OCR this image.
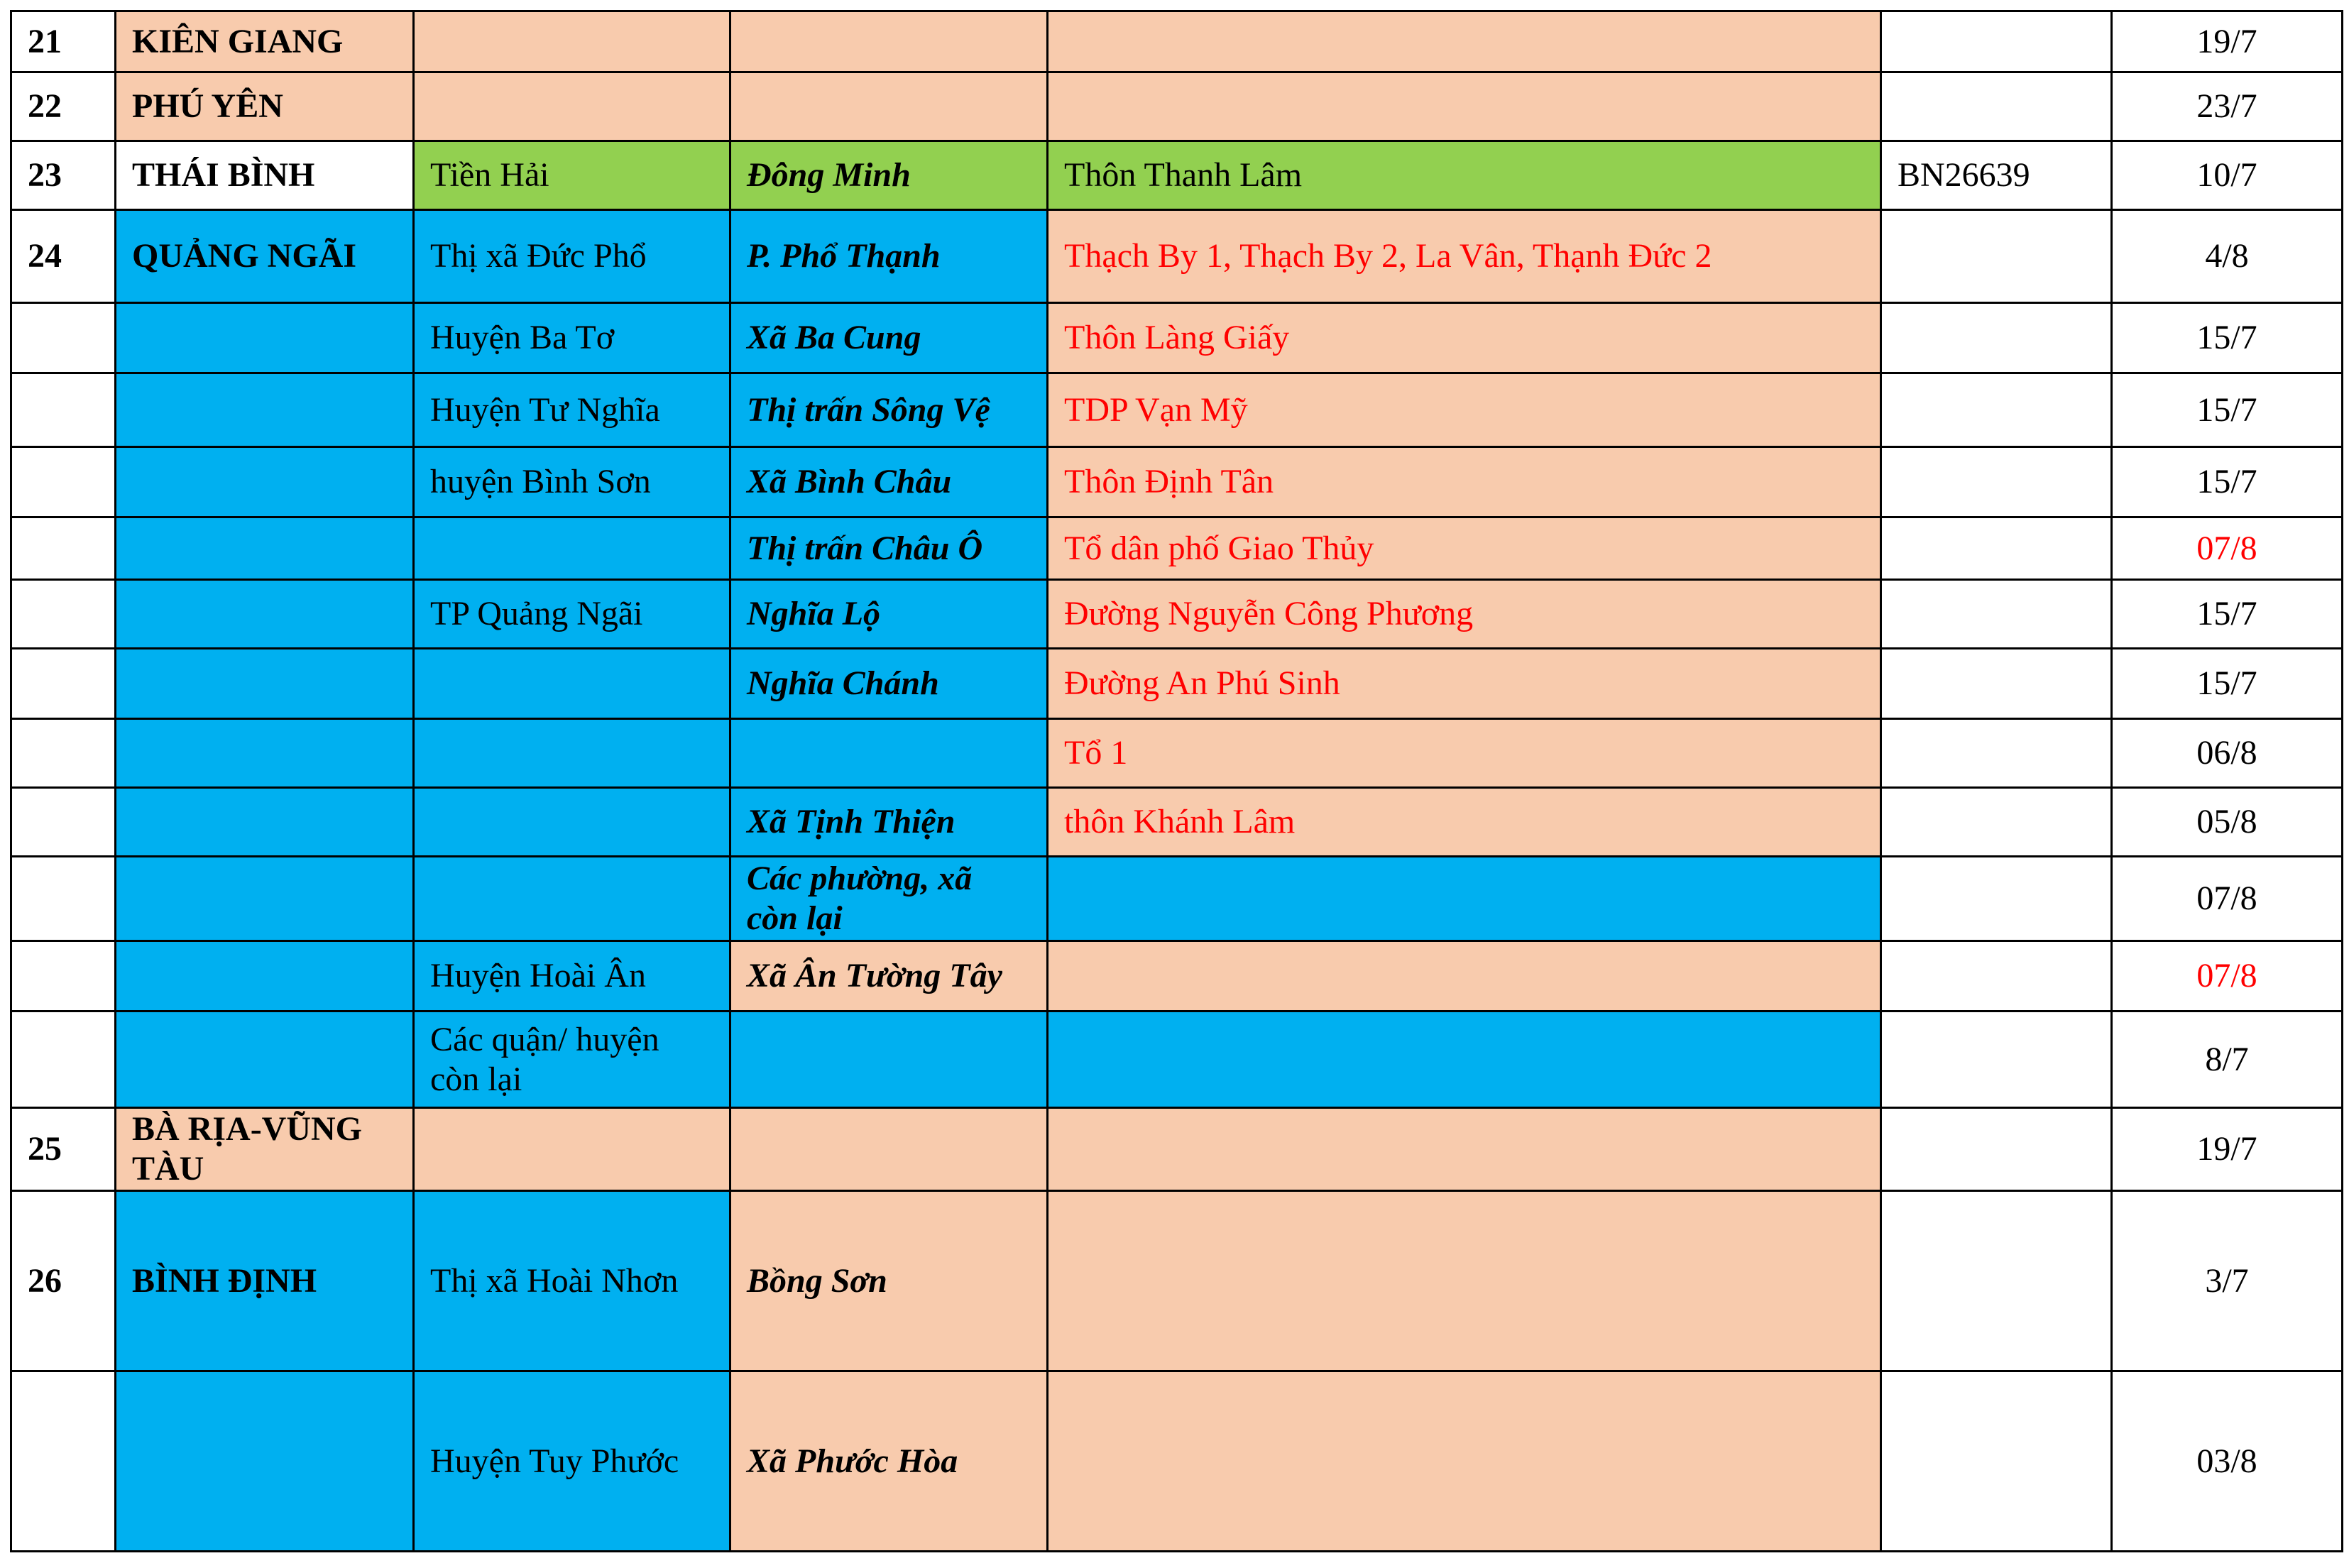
21	KIÊN GIANG					19/7
22	PHÚ YÊN					23/7
23	THÁI BÌNH	Tiền Hải	Đông Minh	Thôn Thanh Lâm	BN26639	10/7
24	QUẢNG NGÃI	Thị xã Đức Phổ	P. Phổ Thạnh	Thạch By 1, Thạch By 2, La Vân, Thạnh Đức 2		4/8
		Huyện Ba Tơ	Xã Ba Cung	Thôn Làng Giấy		15/7
		Huyện Tư Nghĩa	Thị trấn Sông Vệ	TDP Vạn Mỹ		15/7
		huyện Bình Sơn	Xã Bình Châu	Thôn Định Tân		15/7
			Thị trấn Châu Ô	Tổ dân phố Giao Thủy		07/8
		TP Quảng Ngãi	Nghĩa Lộ	Đường Nguyễn Công Phương		15/7
			Nghĩa Chánh	Đường An Phú Sinh		15/7
				Tổ 1		06/8
			Xã Tịnh Thiện	thôn Khánh Lâm		05/8
			Các phường, xã còn lại			07/8
		Huyện Hoài Ân	Xã Ân Tường Tây			07/8
		Các quận/ huyện còn lại				8/7
25	BÀ RỊA-VŨNG TÀU					19/7
26	BÌNH ĐỊNH	Thị xã Hoài Nhơn	Bồng Sơn			3/7
		Huyện Tuy Phước	Xã Phước Hòa			03/8
